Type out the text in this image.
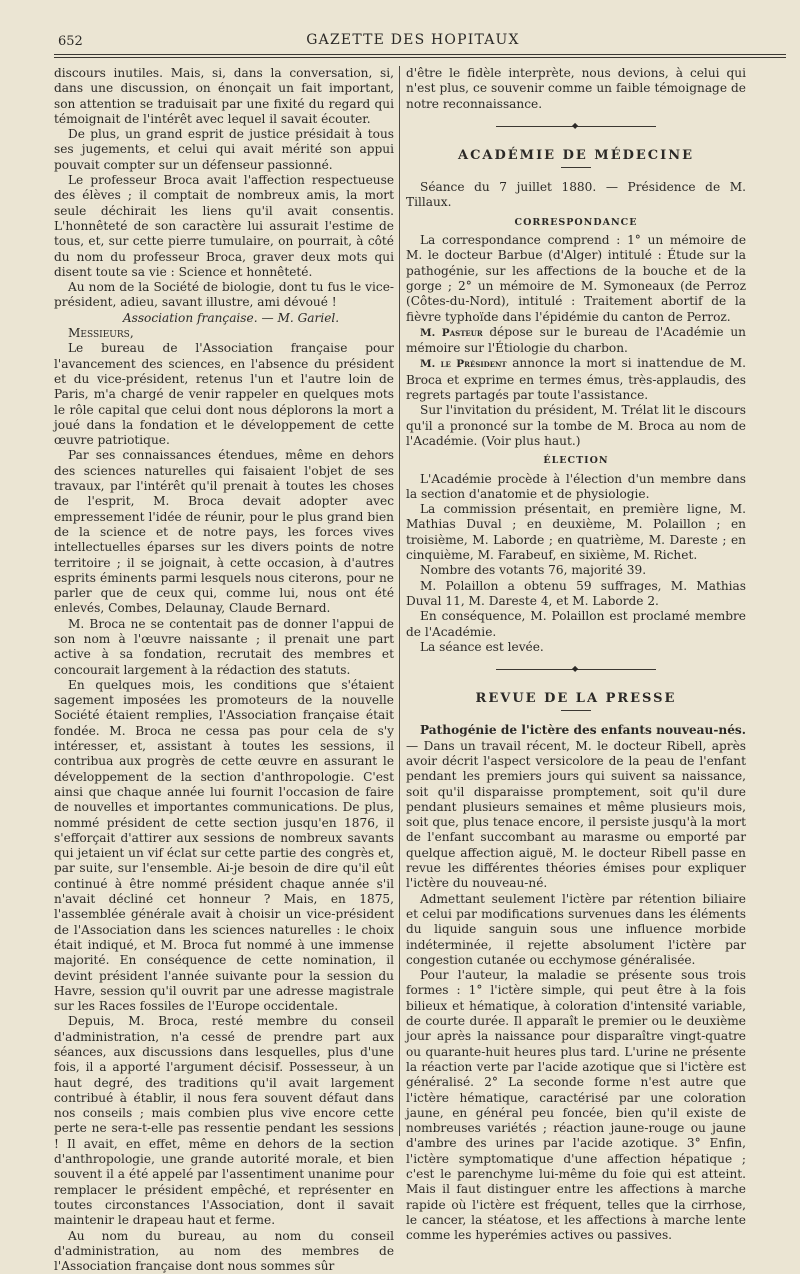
652	GAZETTE DES HOPITAUX

discours inutiles. Mais, si, dans la conversation, si, dans une discussion, on énonçait un fait important, son attention se traduisait par une fixité du regard qui témoignait de l'intérêt avec lequel il savait écouter.

De plus, un grand esprit de justice présidait à tous ses jugements, et celui qui avait mérité son appui pouvait compter sur un défenseur passionné.

Le professeur Broca avait l'affection respectueuse des élèves ; il comptait de nombreux amis, la mort seule déchirait les liens qu'il avait consentis. L'honnêteté de son caractère lui assurait l'estime de tous, et, sur cette pierre tumulaire, on pourrait, à côté du nom du professeur Broca, graver deux mots qui disent toute sa vie : Science et honnêteté.

Au nom de la Société de biologie, dont tu fus le vice-président, adieu, savant illustre, ami dévoué !

Association française. — M. Gariel.

Messieurs,

Le bureau de l'Association française pour l'avancement des sciences, en l'absence du président et du vice-président, retenus l'un et l'autre loin de Paris, m'a chargé de venir rappeler en quelques mots le rôle capital que celui dont nous déplorons la mort a joué dans la fondation et le développement de cette œuvre patriotique.

Par ses connaissances étendues, même en dehors des sciences naturelles qui faisaient l'objet de ses travaux, par l'intérêt qu'il prenait à toutes les choses de l'esprit, M. Broca devait adopter avec empressement l'idée de réunir, pour le plus grand bien de la science et de notre pays, les forces vives intellectuelles éparses sur les divers points de notre territoire ; il se joignait, à cette occasion, à d'autres esprits éminents parmi lesquels nous citerons, pour ne parler que de ceux qui, comme lui, nous ont été enlevés, Combes, Delaunay, Claude Bernard.

M. Broca ne se contentait pas de donner l'appui de son nom à l'œuvre naissante ; il prenait une part active à sa fondation, recrutait des membres et concourait largement à la rédaction des statuts.

En quelques mois, les conditions que s'étaient sagement imposées les promoteurs de la nouvelle Société étaient remplies, l'Association française était fondée. M. Broca ne cessa pas pour cela de s'y intéresser, et, assistant à toutes les sessions, il contribua aux progrès de cette œuvre en assurant le développement de la section d'anthropologie. C'est ainsi que chaque année lui fournit l'occasion de faire de nouvelles et importantes communications. De plus, nommé président de cette section jusqu'en 1876, il s'efforçait d'attirer aux sessions de nombreux savants qui jetaient un vif éclat sur cette partie des congrès et, par suite, sur l'ensemble. Ai-je besoin de dire qu'il eût continué à être nommé président chaque année s'il n'avait décliné cet honneur ? Mais, en 1875, l'assemblée générale avait à choisir un vice-président de l'Association dans les sciences naturelles : le choix était indiqué, et M. Broca fut nommé à une immense majorité. En conséquence de cette nomination, il devint président l'année suivante pour la session du Havre, session qu'il ouvrit par une adresse magistrale sur les Races fossiles de l'Europe occidentale.

Depuis, M. Broca, resté membre du conseil d'administration, n'a cessé de prendre part aux séances, aux discussions dans lesquelles, plus d'une fois, il a apporté l'argument décisif. Possesseur, à un haut degré, des traditions qu'il avait largement contribué à établir, il nous fera souvent défaut dans nos conseils ; mais combien plus vive encore cette perte ne sera-t-elle pas ressentie pendant les sessions ! Il avait, en effet, même en dehors de la section d'anthropologie, une grande autorité morale, et bien souvent il a été appelé par l'assentiment unanime pour remplacer le président empêché, et représenter en toutes circonstances l'Association, dont il savait maintenir le drapeau haut et ferme.

Au nom du bureau, au nom du conseil d'administration, au nom des membres de l'Association française dont nous sommes sûr

d'être le fidèle interprète, nous devions, à celui qui n'est plus, ce souvenir comme un faible témoignage de notre reconnaissance.

◆
ACADÉMIE DE MÉDECINE

Séance du 7 juillet 1880. — Présidence de M. Tillaux.

CORRESPONDANCE

La correspondance comprend : 1° un mémoire de M. le docteur Barbue (d'Alger) intitulé : Étude sur la pathogénie, sur les affections de la bouche et de la gorge ; 2° un mémoire de M. Symoneaux (de Perroz (Côtes-du-Nord), intitulé : Traitement abortif de la fièvre typhoïde dans l'épidémie du canton de Perroz.

M. Pasteur dépose sur le bureau de l'Académie un mémoire sur l'Étiologie du charbon.

M. le Président annonce la mort si inattendue de M. Broca et exprime en termes émus, très-applaudis, des regrets partagés par toute l'assistance.

Sur l'invitation du président, M. Trélat lit le discours qu'il a prononcé sur la tombe de M. Broca au nom de l'Académie. (Voir plus haut.)

ÉLECTION

L'Académie procède à l'élection d'un membre dans la section d'anatomie et de physiologie.

La commission présentait, en première ligne, M. Mathias Duval ; en deuxième, M. Polaillon ; en troisième, M. Laborde ; en quatrième, M. Dareste ; en cinquième, M. Farabeuf, en sixième, M. Richet.

Nombre des votants 76, majorité 39.

M. Polaillon a obtenu 59 suffrages, M. Mathias Duval 11, M. Dareste 4, et M. Laborde 2.

En conséquence, M. Polaillon est proclamé membre de l'Académie.

La séance est levée.

◆
REVUE DE LA PRESSE

Pathogénie de l'ictère des enfants nouveau-nés. — Dans un travail récent, M. le docteur Ribell, après avoir décrit l'aspect versicolore de la peau de l'enfant pendant les premiers jours qui suivent sa naissance, soit qu'il disparaisse promptement, soit qu'il dure pendant plusieurs semaines et même plusieurs mois, soit que, plus tenace encore, il persiste jusqu'à la mort de l'enfant succombant au marasme ou emporté par quelque affection aiguë, M. le docteur Ribell passe en revue les différentes théories émises pour expliquer l'ictère du nouveau-né.

Admettant seulement l'ictère par rétention biliaire et celui par modifications survenues dans les éléments du liquide sanguin sous une influence morbide indéterminée, il rejette absolument l'ictère par congestion cutanée ou ecchymose généralisée.

Pour l'auteur, la maladie se présente sous trois formes : 1° l'ictère simple, qui peut être à la fois bilieux et hématique, à coloration d'intensité variable, de courte durée. Il apparaît le premier ou le deuxième jour après la naissance pour disparaître vingt-quatre ou quarante-huit heures plus tard. L'urine ne présente la réaction verte par l'acide azotique que si l'ictère est généralisé. 2° La seconde forme n'est autre que l'ictère hématique, caractérisé par une coloration jaune, en général peu foncée, bien qu'il existe de nombreuses variétés ; réaction jaune-rouge ou jaune d'ambre des urines par l'acide azotique. 3° Enfin, l'ictère symptomatique d'une affection hépatique ; c'est le parenchyme lui-même du foie qui est atteint. Mais il faut distinguer entre les affections à marche rapide où l'ictère est fréquent, telles que la cirrhose, le cancer, la stéatose, et les affections à marche lente comme les hyperémies actives ou passives.
